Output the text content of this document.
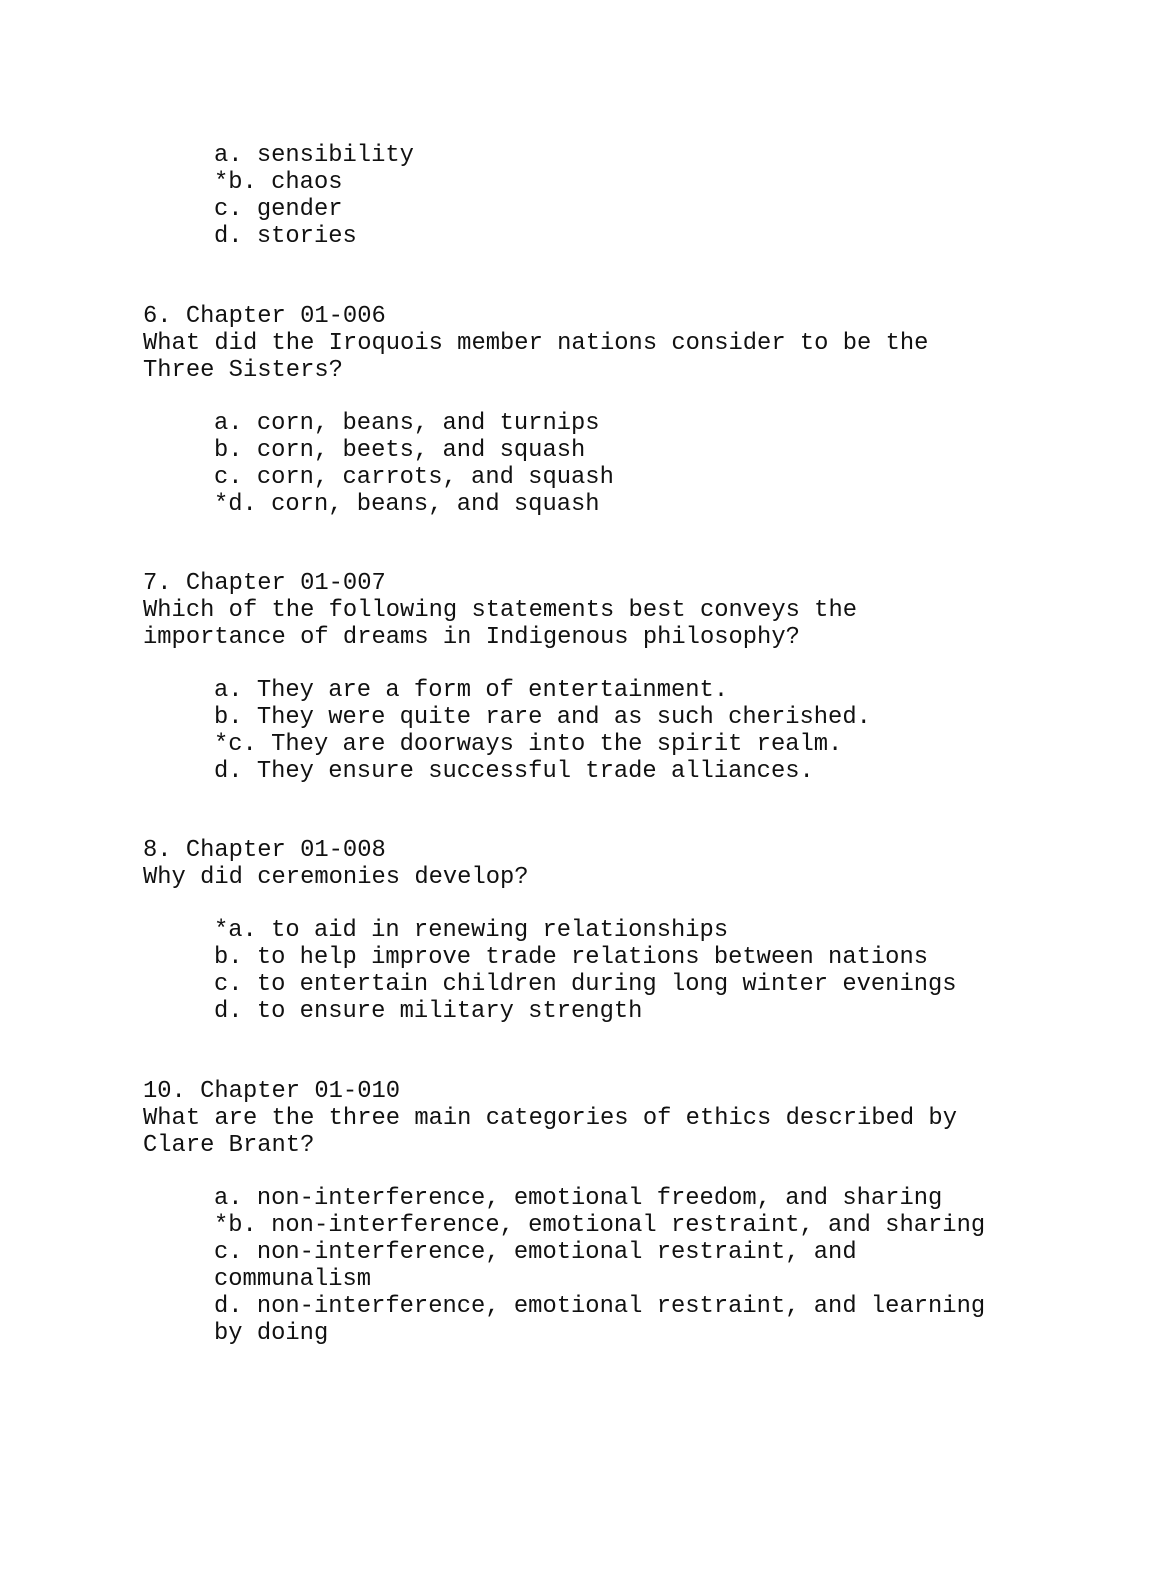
a. sensibility

*b. chaos

c. gender

d. stories

6. Chapter 01-006

What did the Iroquois member nations consider to be the

Three Sisters?

a. corn, beans, and turnips

b. corn, beets, and squash

c. corn, carrots, and squash

*d. corn, beans, and squash

7. Chapter 01-007

Which of the following statements best conveys the

importance of dreams in Indigenous philosophy?

a. They are a form of entertainment.

b. They were quite rare and as such cherished.

*c. They are doorways into the spirit realm.

d. They ensure successful trade alliances.

8. Chapter 01-008

Why did ceremonies develop?

*a. to aid in renewing relationships

b. to help improve trade relations between nations

c. to entertain children during long winter evenings

d. to ensure military strength

10. Chapter 01-010

What are the three main categories of ethics described by

Clare Brant?

a. non-interference, emotional freedom, and sharing

*b. non-interference, emotional restraint, and sharing

c. non-interference, emotional restraint, and

communalism

d. non-interference, emotional restraint, and learning

by doing
